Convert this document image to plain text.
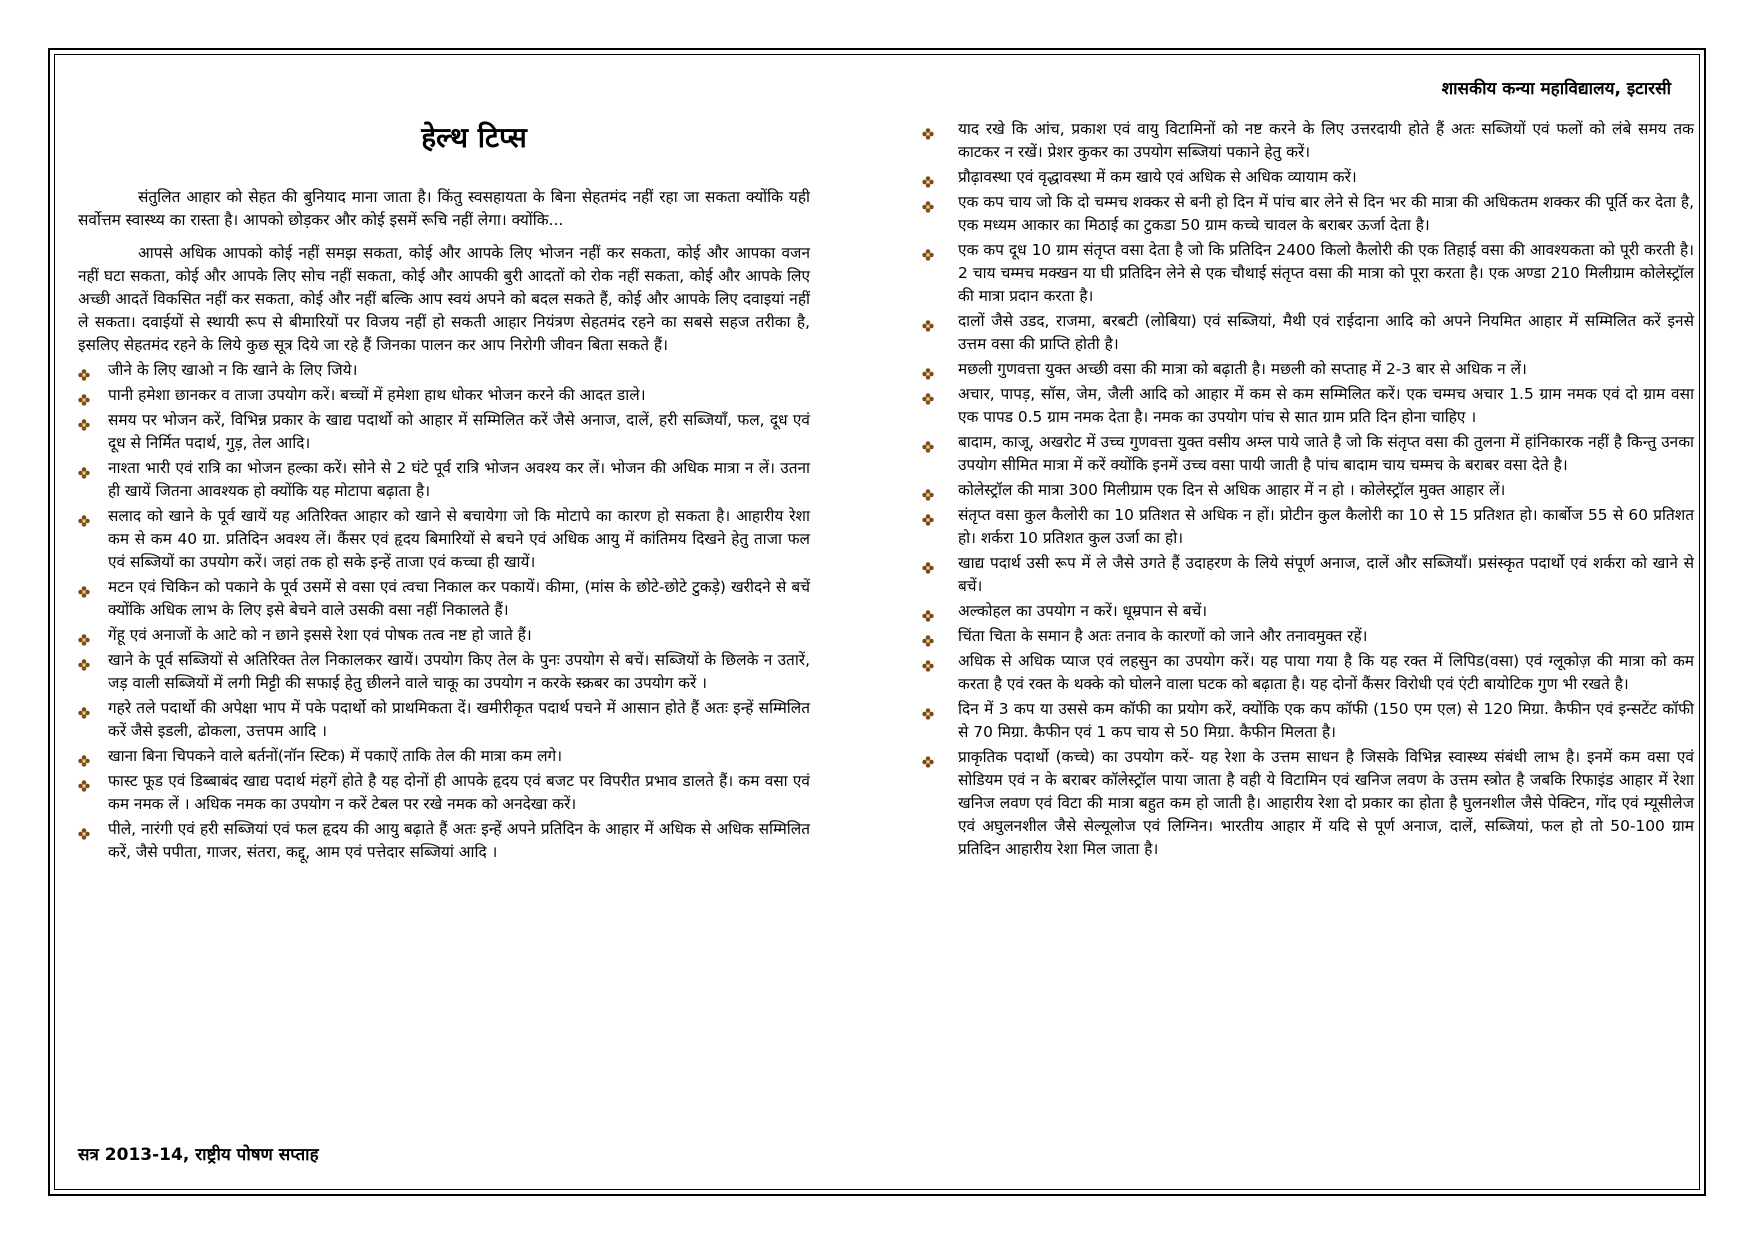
शासकीय कन्या महाविद्यालय, इटारसी
हेल्थ टिप्स

संतुलित आहार को सेहत की बुनियाद माना जाता है। किंतु स्वसहायता के बिना सेहतमंद नहीं रहा जा सकता क्योंकि यही सर्वोत्तम स्वास्थ्य का रास्ता है। आपको छोड़कर और कोई इसमें रूचि नहीं लेगा। क्योंकि...

आपसे अधिक आपको कोई नहीं समझ सकता, कोई और आपके लिए भोजन नहीं कर सकता, कोई और आपका वजन नहीं घटा सकता, कोई और आपके लिए सोच नहीं सकता, कोई और आपकी बुरी आदतों को रोक नहीं सकता, कोई और आपके लिए अच्छी आदतें विकसित नहीं कर सकता, कोई और नहीं बल्कि आप स्वयं अपने को बदल सकते हैं, कोई और आपके लिए दवाइयां नहीं ले सकता। दवाईयों से स्थायी रूप से बीमारियों पर विजय नहीं हो सकती आहार नियंत्रण सेहतमंद रहने का सबसे सहज तरीका है, इसलिए सेहतमंद रहने के लिये कुछ सूत्र दिये जा रहे हैं जिनका पालन कर आप निरोगी जीवन बिता सकते हैं।

जीने के लिए खाओ न कि खाने के लिए जिये।
पानी हमेशा छानकर व ताजा उपयोग करें। बच्चों में हमेशा हाथ धोकर भोजन करने की आदत डाले।
समय पर भोजन करें, विभिन्न प्रकार के खाद्य पदार्थो को आहार में सम्मिलित करें जैसे अनाज, दालें, हरी सब्जियाँ, फल, दूध एवं दूध से निर्मित पदार्थ, गुड़, तेल आदि।
नाश्ता भारी एवं रात्रि का भोजन हल्का करें। सोने से 2 घंटे पूर्व रात्रि भोजन अवश्य कर लें। भोजन की अधिक मात्रा न लें। उतना ही खायें जितना आवश्यक हो क्योंकि यह मोटापा बढ़ाता है।
सलाद को खाने के पूर्व खायें यह अतिरिक्त आहार को खाने से बचायेगा जो कि मोटापे का कारण हो सकता है। आहारीय रेशा कम से कम 40 ग्रा. प्रतिदिन अवश्य लें। कैंसर एवं हृदय बिमारियों से बचने एवं अधिक आयु में कांतिमय दिखने हेतु ताजा फल एवं सब्जियों का उपयोग करें। जहां तक हो सके इन्हें ताजा एवं कच्चा ही खायें।
मटन एवं चिकिन को पकाने के पूर्व उसमें से वसा एवं त्वचा निकाल कर पकायें। कीमा, (मांस के छोटे-छोटे टुकड़े) खरीदने से बचें क्योंकि अधिक लाभ के लिए इसे बेचने वाले उसकी वसा नहीं निकालते हैं।
गेंहू एवं अनाजों के आटे को न छाने इससे रेशा एवं पोषक तत्व नष्ट हो जाते हैं।
खाने के पूर्व सब्जियों से अतिरिक्त तेल निकालकर खायें। उपयोग किए तेल के पुनः उपयोग से बचें। सब्जियों के छिलके न उतारें, जड़ वाली सब्जियों में लगी मिट्टी की सफाई हेतु छीलने वाले चाकू का उपयोग न करके स्क्रबर का उपयोग करें ।
गहरे तले पदार्थो की अपेक्षा भाप में पके पदार्थो को प्राथमिकता दें। खमीरीकृत पदार्थ पचने में आसान होते हैं अतः इन्हें सम्मिलित करें जैसे इडली, ढोकला, उत्तपम आदि ।
खाना बिना चिपकने वाले बर्तनों(नॉन स्टिक) में पकाऐं ताकि तेल की मात्रा कम लगे।
फास्ट फूड एवं डिब्बाबंद खाद्य पदार्थ मंहगें होते है यह दोनों ही आपके हृदय एवं बजट पर विपरीत प्रभाव डालते हैं। कम वसा एवं कम नमक लें । अधिक नमक का उपयोग न करें टेबल पर रखे नमक को अनदेखा करें।
पीले, नारंगी एवं हरी सब्जियां एवं फल हृदय की आयु बढ़ाते हैं अतः इन्हें अपने प्रतिदिन के आहार में अधिक से अधिक सम्मिलित करें, जैसे पपीता, गाजर, संतरा, कद्दू, आम एवं पत्तेदार सब्जियां आदि ।
याद रखे कि आंच, प्रकाश एवं वायु विटामिनों को नष्ट करने के लिए उत्तरदायी होते हैं अतः सब्जियों एवं फलों को लंबे समय तक काटकर न रखें। प्रेशर कुकर का उपयोग सब्जियां पकाने हेतु करें।
प्रौढ़ावस्था एवं वृद्धावस्था में कम खाये एवं अधिक से अधिक व्यायाम करें।
एक कप चाय जो कि दो चम्मच शक्कर से बनी हो दिन में पांच बार लेने से दिन भर की मात्रा की अधिकतम शक्कर की पूर्ति कर देता है, एक मध्यम आकार का मिठाई का टुकडा 50 ग्राम कच्चे चावल के बराबर ऊर्जा देता है।
एक कप दूध 10 ग्राम संतृप्त वसा देता है जो कि प्रतिदिन 2400 किलो कैलोरी की एक तिहाई वसा की आवश्यकता को पूरी करती है। 2 चाय चम्मच मक्खन या घी प्रतिदिन लेने से एक चौथाई संतृप्त वसा की मात्रा को पूरा करता है। एक अण्डा 210 मिलीग्राम कोलेस्ट्रॉल की मात्रा प्रदान करता है।
दालों जैसे उडद, राजमा, बरबटी (लोबिया) एवं सब्जियां, मैथी एवं राईदाना आदि को अपने नियमित आहार में सम्मिलित करें इनसे उत्तम वसा की प्राप्ति होती है।
मछली गुणवत्ता युक्त अच्छी वसा की मात्रा को बढ़ाती है। मछली को सप्ताह में 2-3 बार से अधिक न लें।
अचार, पापड़, सॉस, जेम, जैली आदि को आहार में कम से कम सम्मिलित करें। एक चम्मच अचार 1.5 ग्राम नमक एवं दो ग्राम वसा एक पापड 0.5 ग्राम नमक देता है। नमक का उपयोग पांच से सात ग्राम प्रति दिन होना चाहिए ।
बादाम, काजू, अखरोट में उच्च गुणवत्ता युक्त वसीय अम्ल पाये जाते है जो कि संतृप्त वसा की तुलना में हांनिकारक नहीं है किन्तु उनका उपयोग सीमित मात्रा में करें क्योंकि इनमें उच्च वसा पायी जाती है पांच बादाम चाय चम्मच के बराबर वसा देते है।
कोलेस्ट्रॉल की मात्रा 300 मिलीग्राम एक दिन से अधिक आहार में न हो । कोलेस्ट्रॉल मुक्त आहार लें।
संतृप्त वसा कुल कैलोरी का 10 प्रतिशत से अधिक न हों। प्रोटीन कुल कैलोरी का 10 से 15 प्रतिशत हो। कार्बोज 55 से 60 प्रतिशत हो। शर्करा 10 प्रतिशत कुल उर्जा का हो।
खाद्य पदार्थ उसी रूप में ले जैसे उगते हैं उदाहरण के लिये संपूर्ण अनाज, दालें और सब्जियाँ। प्रसंस्कृत पदार्थो एवं शर्करा को खाने से बचें।
अल्कोहल का उपयोग न करें। धूम्रपान से बचें।
चिंता चिता के समान है अतः तनाव के कारणों को जाने और तनावमुक्त रहें।
अधिक से अधिक प्याज एवं लहसुन का उपयोग करें। यह पाया गया है कि यह रक्त में लिपिड(वसा) एवं ग्लूकोज़ की मात्रा को कम करता है एवं रक्त के थक्के को घोलने वाला घटक को बढ़ाता है। यह दोनों कैंसर विरोधी एवं एंटी बायोटिक गुण भी रखते है।
दिन में 3 कप या उससे कम कॉफी का प्रयोग करें, क्योंकि एक कप कॉफी (150 एम एल) से 120 मिग्रा. कैफीन एवं इन्सटेंट कॉफी से 70 मिग्रा. कैफीन एवं 1 कप चाय से 50 मिग्रा. कैफीन मिलता है।
प्राकृतिक पदार्थो (कच्चे) का उपयोग करें- यह रेशा के उत्तम साधन है जिसके विभिन्न स्वास्थ्य संबंधी लाभ है। इनमें कम वसा एवं सोडियम एवं न के बराबर कॉलेस्ट्रॉल पाया जाता है वही ये विटामिन एवं खनिज लवण के उत्तम स्त्रोत है जबकि रिफाइंड आहार में रेशा खनिज लवण एवं विटा की मात्रा बहुत कम हो जाती है। आहारीय रेशा दो प्रकार का होता है घुलनशील जैसे पेक्टिन, गोंद एवं म्यूसीलेज एवं अघुलनशील जैसे सेल्यूलोज एवं लिग्निन। भारतीय आहार में यदि से पूर्ण अनाज, दालें, सब्जियां, फल हो तो 50-100 ग्राम प्रतिदिन आहारीय रेशा मिल जाता है।
सत्र 2013-14, राष्ट्रीय पोषण सप्ताह
